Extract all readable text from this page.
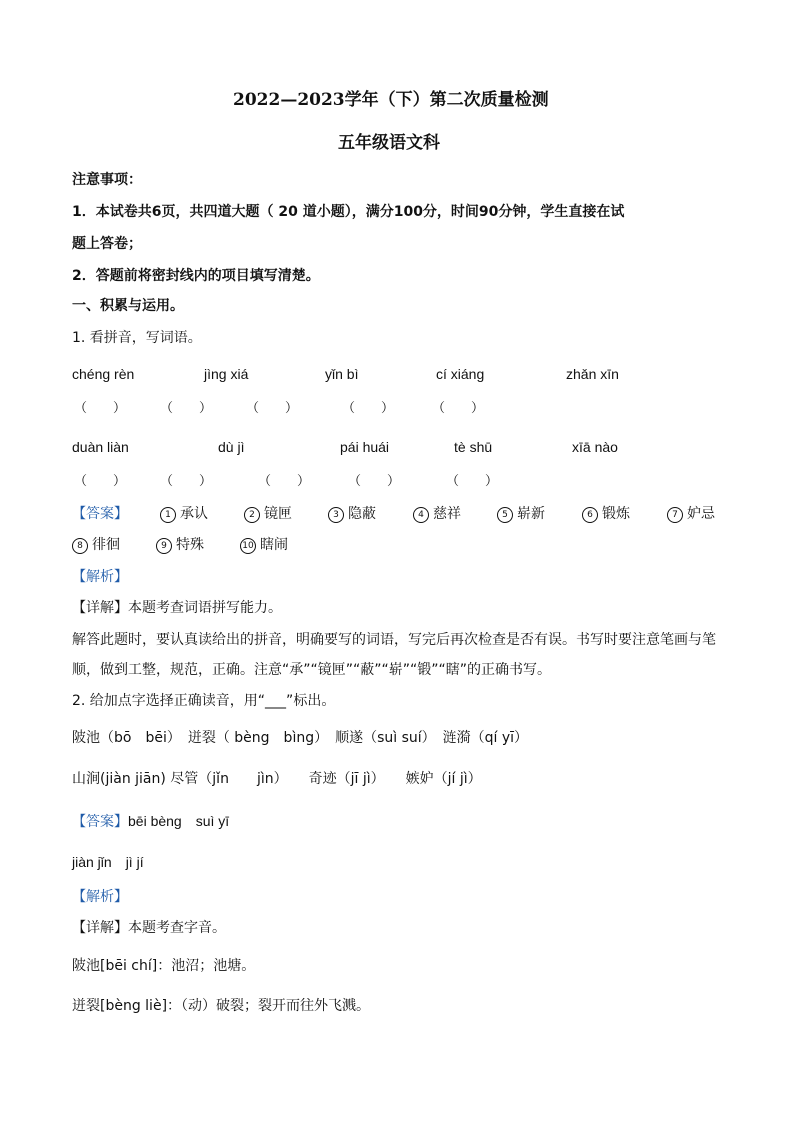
2022—2023学年（下）第二次质量检测
五年级语文科
注意事项：
1．本试卷共6页，共四道大题（ 20 道小题），满分100分，时间90分钟，学生直接在试
题上答卷；
2．答题前将密封线内的项目填写清楚。
一、积累与运用。
1. 看拼音，写词语。
chéng rèn	jìng xiá	yǐn bì	cí xiáng	zhǎn xīn
（　　）	（　　）	（　　）	（　　）	（　　）
duàn liàn	dù jì	pái huái	tè shū	xīā nào
（　　）	（　　）	（　　）	（　　）	（　　）
【答案】	1 承认	2 镜匣	3 隐蔽	4 慈祥	5 崭新	6 锻炼	7 妒忌
8 徘徊	9 特殊	10 瞎闹
【解析】
【详解】本题考查词语拼写能力。
解答此题时，要认真读给出的拼音，明确要写的词语，写完后再次检查是否有误。书写时要注意笔画与笔
顺，做到工整，规范，正确。注意“承”“镜匣”“蔽”“崭”“锻”“瞎”的正确书写。
2. 给加点字选择正确读音，用“___”标出。
陂池（bō　bēi）　迸裂（ bèng　bìng）　顺遂（suì suí）　涟漪（qí yī）
山涧(jiàn jiān) 尽管（jǐn　　jìn）　　奇迹（jī jì）　　嫉妒（jí jì）
【答案】bēi bèng　suì yī
jiàn jǐn　jì jí
【解析】
【详解】本题考查字音。
陂池[bēi chí]：池沼；池塘。
迸裂[bèng liè]：（动）破裂；裂开而往外飞溅。
